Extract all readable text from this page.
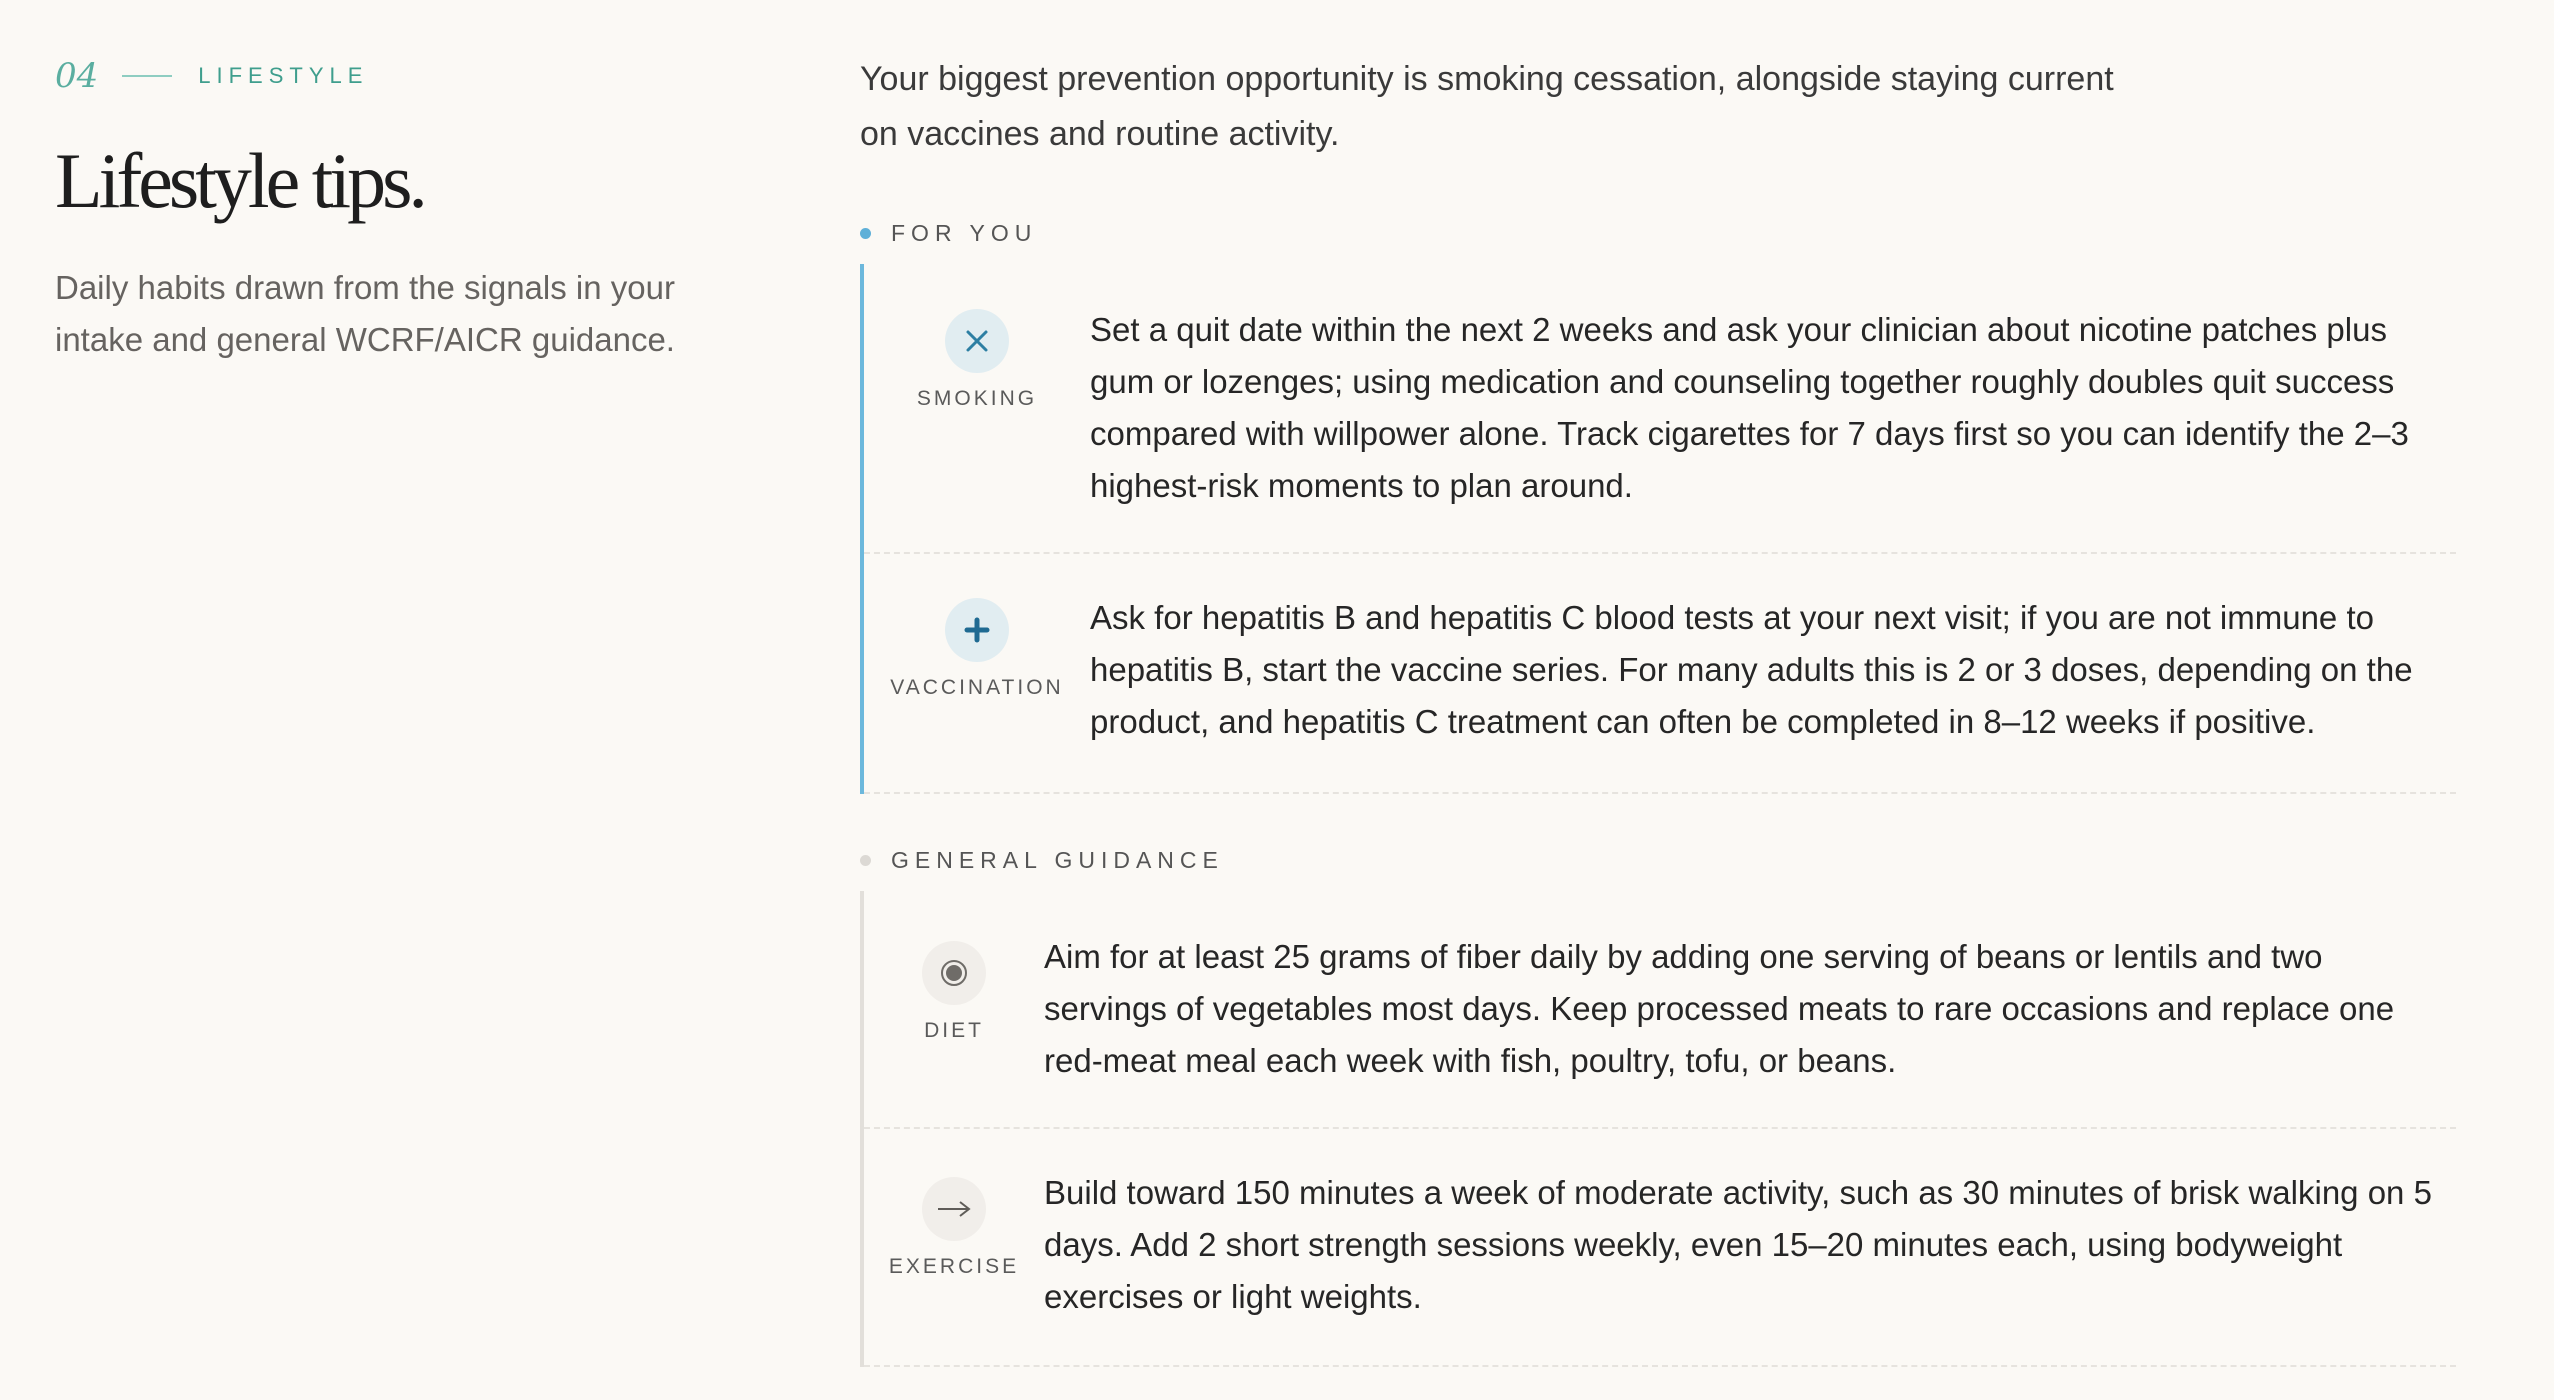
04	LIFESTYLE
Lifestyle tips.
Daily habits drawn from the signals in your intake and general WCRF/AICR guidance.
Your biggest prevention opportunity is smoking cessation, alongside staying current on vaccines and routine activity.
FOR YOU
SMOKING
Set a quit date within the next 2 weeks and ask your clinician about nicotine patches plus gum or lozenges; using medication and counseling together roughly doubles quit success compared with willpower alone. Track cigarettes for 7 days first so you can identify the 2–3 highest-risk moments to plan around.
VACCINATION
Ask for hepatitis B and hepatitis C blood tests at your next visit; if you are not immune to hepatitis B, start the vaccine series. For many adults this is 2 or 3 doses, depending on the product, and hepatitis C treatment can often be completed in 8–12 weeks if positive.
GENERAL GUIDANCE
DIET
Aim for at least 25 grams of fiber daily by adding one serving of beans or lentils and two servings of vegetables most days. Keep processed meats to rare occasions and replace one red-meat meal each week with fish, poultry, tofu, or beans.
EXERCISE
Build toward 150 minutes a week of moderate activity, such as 30 minutes of brisk walking on 5 days. Add 2 short strength sessions weekly, even 15–20 minutes each, using bodyweight exercises or light weights.
